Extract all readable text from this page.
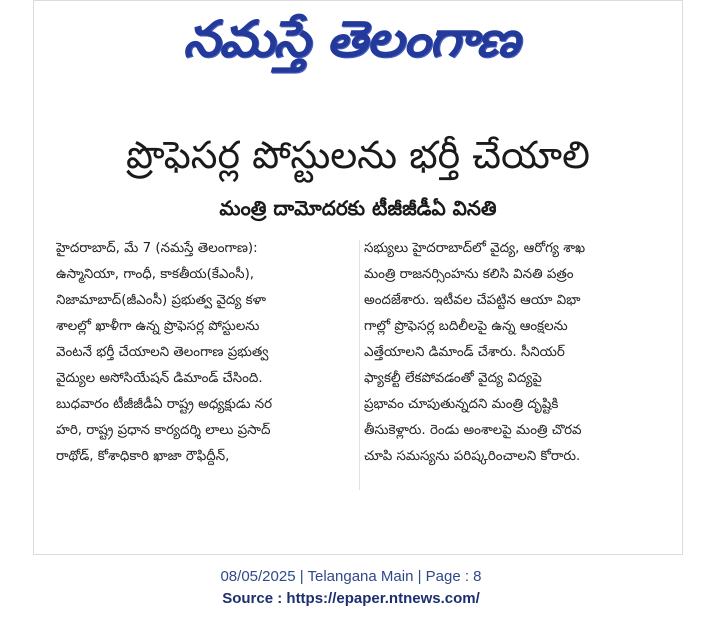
నమస్తే తెలంగాణ
ప్రొఫెసర్ల పోస్టులను భర్తీ చేయాలి
మంత్రి దామోదరకు టీజీజీడీఏ వినతి
హైదరాబాద్, మే 7 (నమస్తే తెలంగాణ):
ఉస్మానియా, గాంధీ, కాకతీయ(కేఎంసీ),
నిజామాబాద్(జీఎంసీ) ప్రభుత్వ వైద్య కళా
శాలల్లో ఖాళీగా ఉన్న ప్రొఫెసర్ల పోస్టులను
వెంటనే భర్తీ చేయాలని తెలంగాణ ప్రభుత్వ
వైద్యుల అసోసియేషన్ డిమాండ్ చేసింది.
బుధవారం టీజీజీడీఏ రాష్ట్ర అధ్యక్షుడు నర
హరి, రాష్ట్ర ప్రధాన కార్యదర్శి లాలు ప్రసాద్
రాథోడ్, కోశాధికారి ఖాజా రౌఫిద్దీన్,
సభ్యులు హైదరాబాద్‌లో వైద్య, ఆరోగ్య శాఖ
మంత్రి రాజనర్సింహను కలిసి వినతి పత్రం
అందజేశారు. ఇటీవల చేపట్టిన ఆయా విభా
గాల్లో ప్రొఫెసర్ల బదిలీలపై ఉన్న ఆంక్షలను
ఎత్తేయాలని డిమాండ్ చేశారు. సీనియర్
ఫ్యాకల్టీ లేకపోవడంతో వైద్య విద్యపై
ప్రభావం చూపుతున్నదని మంత్రి దృష్టికి
తీసుకెళ్లారు. రెండు అంశాలపై మంత్రి చొరవ
చూపి సమస్యను పరిష్కరించాలని కోరారు.
08/05/2025 | Telangana Main | Page : 8
Source : https://epaper.ntnews.com/
